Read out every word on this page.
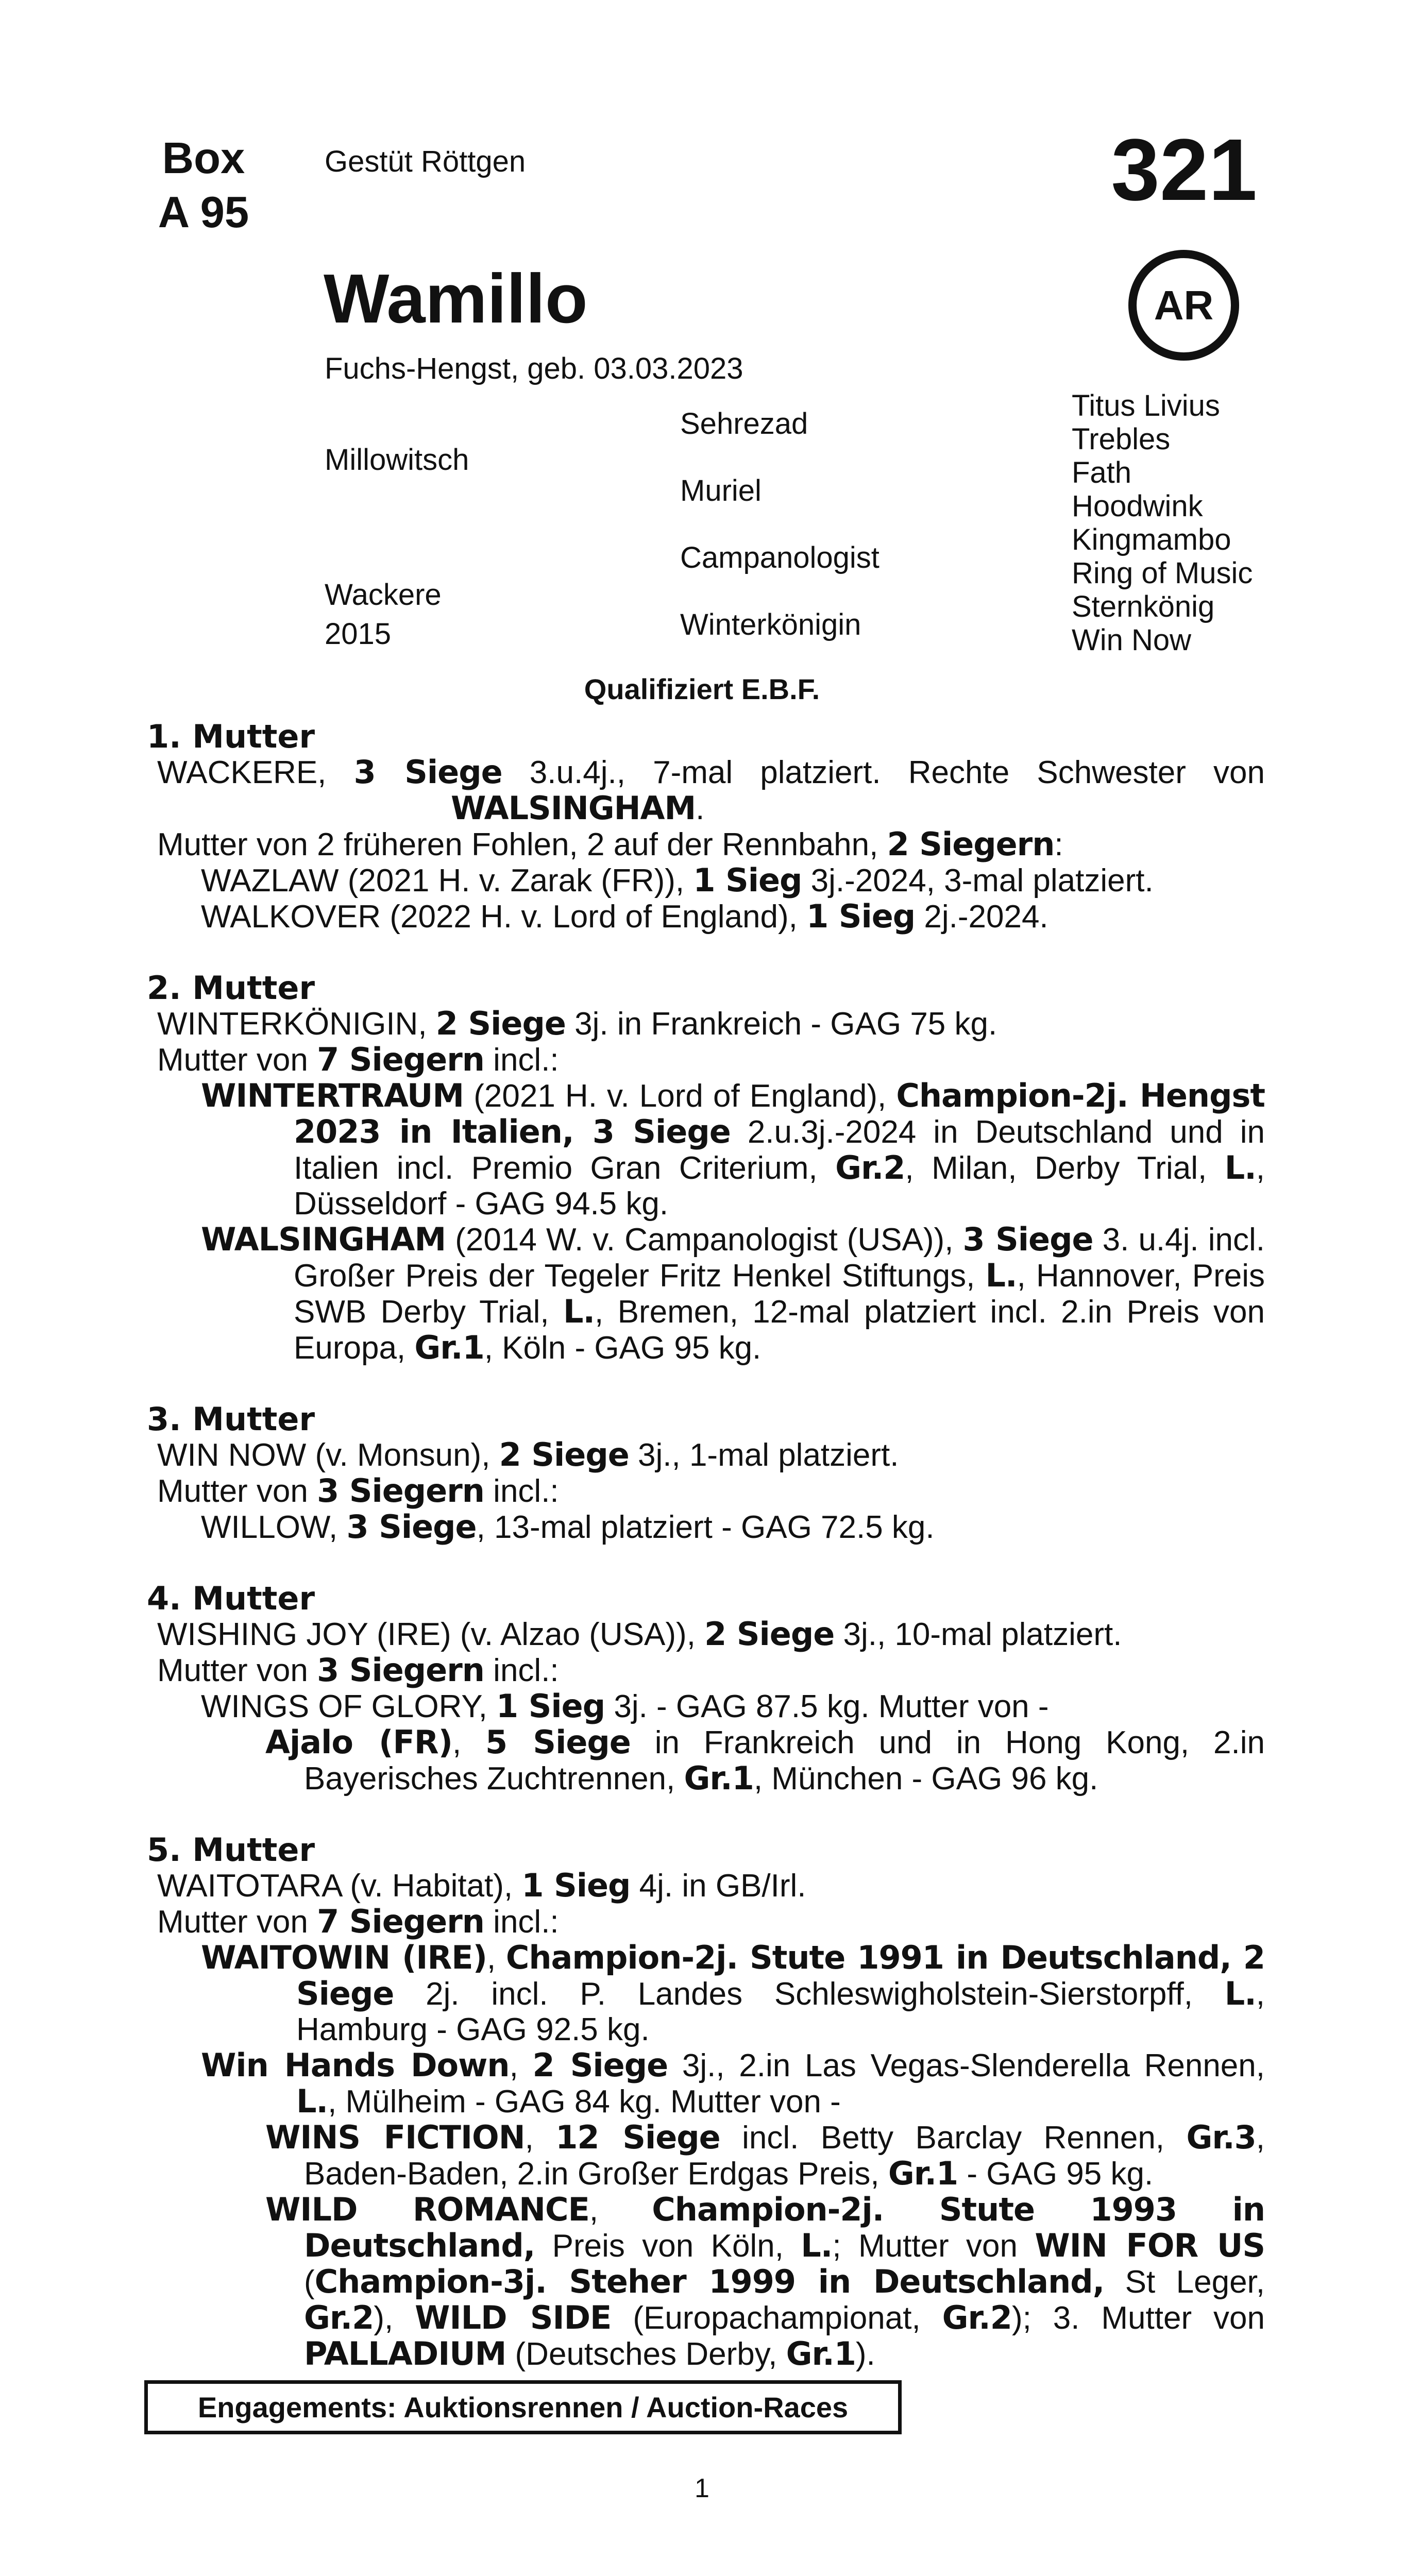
Box
A 95
Gestüt Röttgen	321
AR
Wamillo
Fuchs-Hengst, geb. 03.03.2023
Millowitsch
Wackere
2015
Sehrezad
Muriel
Campanologist
Winterkönigin
Titus Livius
Trebles
Fath
Hoodwink
Kingmambo
Ring of Music
Sternkönig
Win Now
Qualifiziert E.B.F.
1. Mutter
WACKERE, 3 Siege 3.u.4j., 7-mal platziert. Rechte Schwester von WALSINGHAM.
Mutter von 2 früheren Fohlen, 2 auf der Rennbahn, 2 Siegern:
WAZLAW (2021 H. v. Zarak (FR)), 1 Sieg 3j.-2024, 3-mal platziert.
WALKOVER (2022 H. v. Lord of England), 1 Sieg 2j.-2024.
2. Mutter
WINTERKÖNIGIN, 2 Siege 3j. in Frankreich - GAG 75 kg.
Mutter von 7 Siegern incl.:
WINTERTRAUM (2021 H. v. Lord of England), Champion-2j. Hengst 2023 in Italien, 3 Siege 2.u.3j.-2024 in Deutschland und in Italien incl. Premio Gran Criterium, Gr.2, Milan, Derby Trial, L., Düsseldorf - GAG 94.5 kg.
WALSINGHAM (2014 W. v. Campanologist (USA)), 3 Siege 3. u.4j. incl. Großer Preis der Tegeler Fritz Henkel Stiftungs, L., Hannover, Preis SWB Derby Trial, L., Bremen, 12-mal platziert incl. 2.in Preis von Europa, Gr.1, Köln - GAG 95 kg.
3. Mutter
WIN NOW (v. Monsun), 2 Siege 3j., 1-mal platziert.
Mutter von 3 Siegern incl.:
WILLOW, 3 Siege, 13-mal platziert - GAG 72.5 kg.
4. Mutter
WISHING JOY (IRE) (v. Alzao (USA)), 2 Siege 3j., 10-mal platziert.
Mutter von 3 Siegern incl.:
WINGS OF GLORY, 1 Sieg 3j. - GAG 87.5 kg. Mutter von -
Ajalo (FR), 5 Siege in Frankreich und in Hong Kong, 2.in Bayerisches Zuchtrennen, Gr.1, München - GAG 96 kg.
5. Mutter
WAITOTARA (v. Habitat), 1 Sieg 4j. in GB/Irl.
Mutter von 7 Siegern incl.:
WAITOWIN (IRE), Champion-2j. Stute 1991 in Deutschland, 2 Siege 2j. incl. P. Landes Schleswigholstein-Sierstorpff, L., Hamburg - GAG 92.5 kg.
Win Hands Down, 2 Siege 3j., 2.in Las Vegas-Slenderella Rennen, L., Mülheim - GAG 84 kg. Mutter von -
WINS FICTION, 12 Siege incl. Betty Barclay Rennen, Gr.3, Baden-Baden, 2.in Großer Erdgas Preis, Gr.1 - GAG 95 kg.
WILD ROMANCE, Champion-2j. Stute 1993 in Deutschland, Preis von Köln, L.; Mutter von WIN FOR US (Champion-3j. Steher 1999 in Deutschland, St Leger, Gr.2), WILD SIDE (Europachampionat, Gr.2); 3. Mutter von PALLADIUM (Deutsches Derby, Gr.1).
Engagements: Auktionsrennen / Auction-Races
1
